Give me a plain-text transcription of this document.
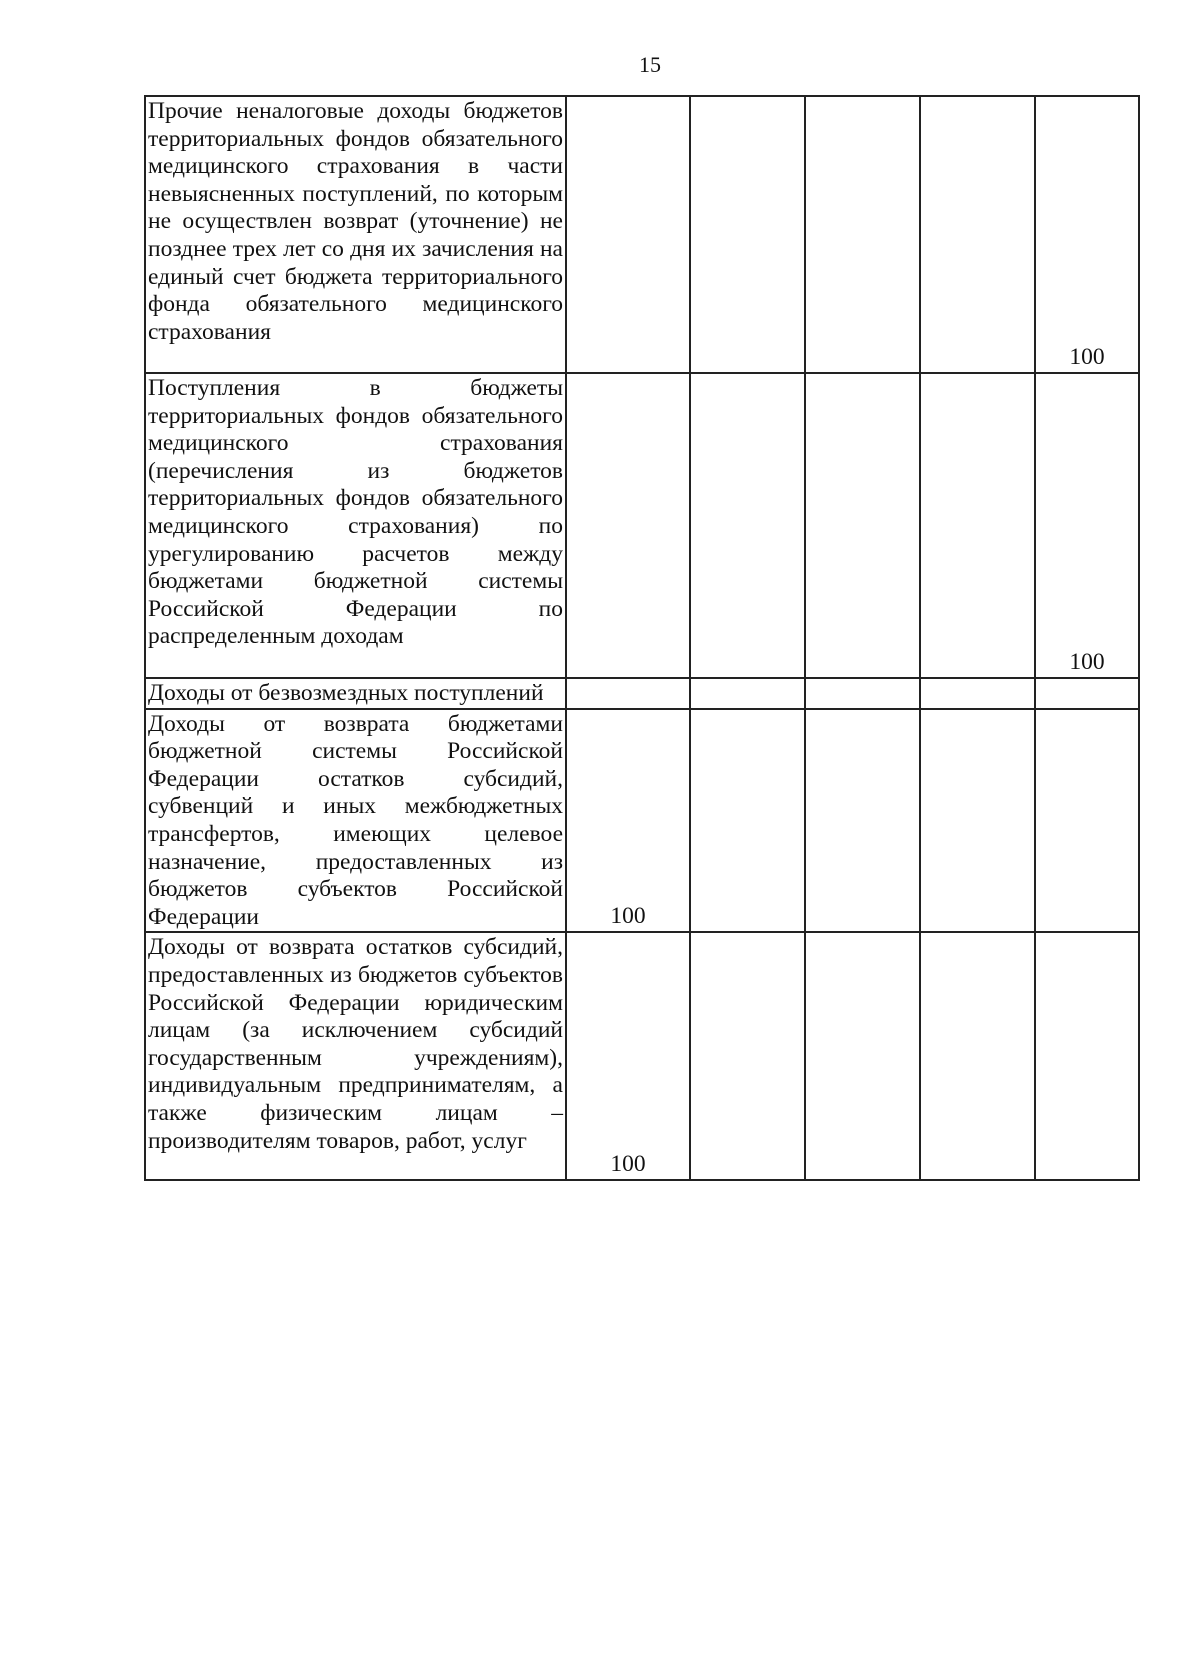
15
Прочие неналоговые доходы бюджетов территориальных фондов обязательного медицинского страхования в части невыясненных поступлений, по которым не осуществлен возврат (уточнение) не позднее трех лет со дня их зачисления на единый счет бюджета территориального фонда обязательного медицинского страхования					100
Поступления в бюджеты территориальных фондов обязательного медицинского страхования (перечисления из бюджетов территориальных фондов обязательного медицинского страхования) по урегулированию расчетов между бюджетами бюджетной системы Российской Федерации по распределенным доходам					100
Доходы от безвозмездных поступлений					
Доходы от возврата бюджетами бюджетной системы Российской Федерации остатков субсидий, субвенций и иных межбюджетных трансфертов, имеющих целевое назначение, предоставленных из бюджетов субъектов Российской Федерации	100				
Доходы от возврата остатков субсидий, предоставленных из бюджетов субъектов Российской Федерации юридическим лицам (за исключением субсидий государственным учреждениям), индивидуальным предпринимателям, а также физическим лицам – производителям товаров, работ, услуг	100				
